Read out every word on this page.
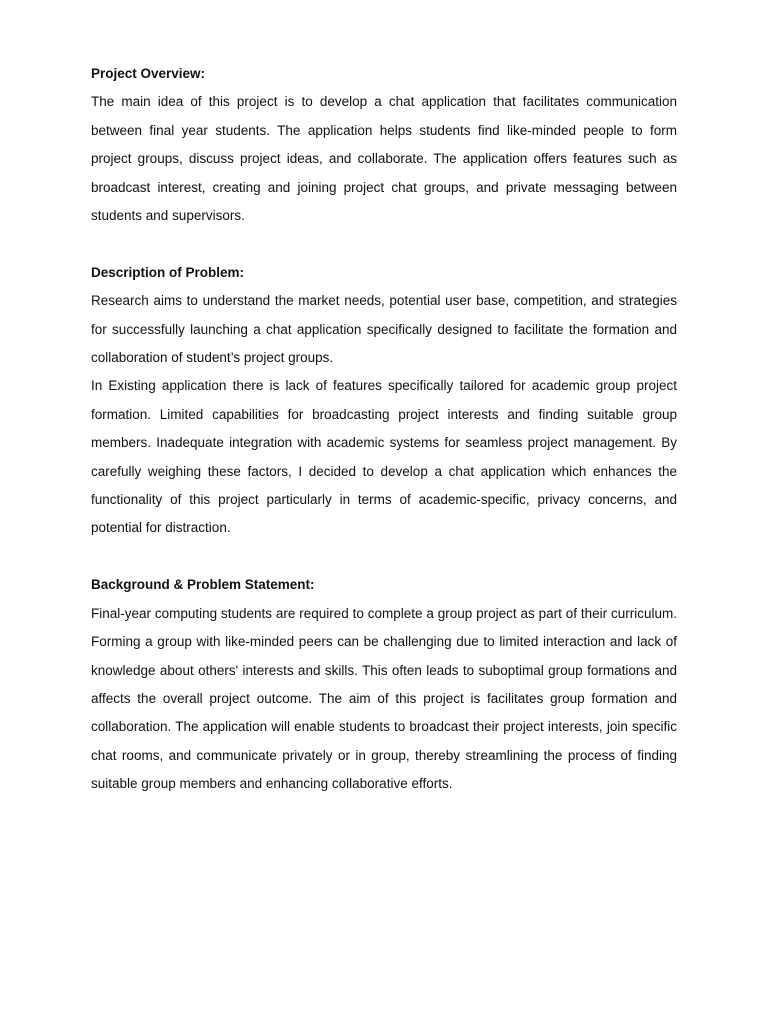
Project Overview:

The main idea of this project is to develop a chat application that facilitates communication between final year students. The application helps students find like-minded people to form project groups, discuss project ideas, and collaborate. The application offers features such as broadcast interest, creating and joining project chat groups, and private messaging between students and supervisors.

Description of Problem:

Research aims to understand the market needs, potential user base, competition, and strategies for successfully launching a chat application specifically designed to facilitate the formation and collaboration of student’s project groups.

In Existing application there is lack of features specifically tailored for academic group project formation. Limited capabilities for broadcasting project interests and finding suitable group members. Inadequate integration with academic systems for seamless project management. By carefully weighing these factors, I decided to develop a chat application which enhances the functionality of this project particularly in terms of academic-specific, privacy concerns, and potential for distraction.

Background & Problem Statement:

Final-year computing students are required to complete a group project as part of their curriculum. Forming a group with like-minded peers can be challenging due to limited interaction and lack of knowledge about others' interests and skills. This often leads to suboptimal group formations and affects the overall project outcome. The aim of this project is facilitates group formation and collaboration. The application will enable students to broadcast their project interests, join specific chat rooms, and communicate privately or in group, thereby streamlining the process of finding suitable group members and enhancing collaborative efforts.
